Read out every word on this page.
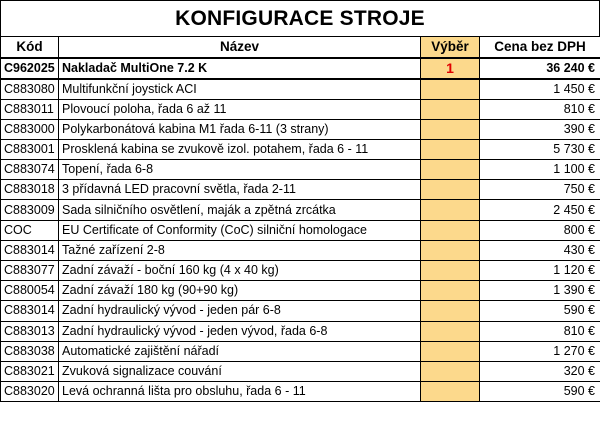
KONFIGURACE STROJE
Kód	Název	Výběr	Cena bez DPH
C962025	Nakladač MultiOne 7.2 K	1	36 240 €
C883080	Multifunkční joystick ACI		1 450 €
C883011	Plovoucí poloha, řada 6 až 11		810 €
C883000	Polykarbonátová kabina M1 řada 6-11 (3 strany)		390 €
C883001	Prosklená kabina se zvukově izol. potahem, řada 6 - 11		5 730 €
C883074	Topení, řada 6-8		1 100 €
C883018	3 přídavná LED pracovní světla, řada 2-11		750 €
C883009	Sada silničního osvětlení, maják a zpětná zrcátka		2 450 €
COC	EU Certificate of Conformity (CoC) silniční homologace		800 €
C883014	Tažné zařízení 2-8		430 €
C883077	Zadní závaží - boční 160 kg (4 x 40 kg)		1 120 €
C880054	Zadní závaží 180 kg (90+90 kg)		1 390 €
C883014	Zadní hydraulický vývod - jeden pár 6-8		590 €
C883013	Zadní hydraulický vývod - jeden vývod, řada 6-8		810 €
C883038	Automatické zajištění nářadí		1 270 €
C883021	Zvuková signalizace couvání		320 €
C883020	Levá ochranná lišta pro obsluhu, řada 6 - 11		590 €
